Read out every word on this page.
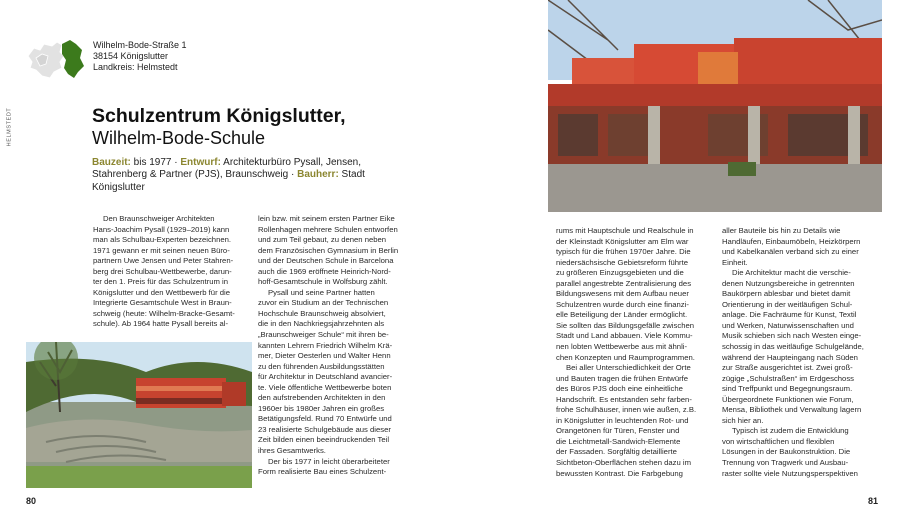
Wilhelm-Bode-Straße 1
38154 Königslutter
Landkreis: Helmstedt
HELMSTEDT	Schulzentrum Königslutter,
Wilhelm-Bode-Schule
Bauzeit: bis 1977 · Entwurf: Architekturbüro Pysall, Jensen, Stahrenberg & Partner (PJS), Braunschweig · Bauherr: Stadt Königslutter

Den Braunschweiger Architekten

Hans-Joachim Pysall (1929–2019) kann

man als Schulbau-Experten bezeichnen.

1971 gewann er mit seinen neuen Büro-

partnern Uwe Jensen und Peter Stahren-

berg drei Schulbau-Wettbewerbe, darun-

ter den 1. Preis für das Schulzentrum in

Königslutter und den Wettbewerb für die

Integrierte Gesamtschule West in Braun-

schweig (heute: Wilhelm-Bracke-Gesamt-

schule). Ab 1964 hatte Pysall bereits al-

lein bzw. mit seinem ersten Partner Eike

Rollenhagen mehrere Schulen entworfen

und zum Teil gebaut, zu denen neben

dem Französischen Gymnasium in Berlin

und der Deutschen Schule in Barcelona

auch die 1969 eröffnete Heinrich-Nord-

hoff-Gesamtschule in Wolfsburg zählt.

Pysall und seine Partner hatten

zuvor ein Studium an der Technischen

Hochschule Braunschweig absolviert,

die in den Nachkriegsjahrzehnten als

„Braunschweiger Schule“ mit ihren be-

kannten Lehrern Friedrich Wilhelm Krä-

mer, Dieter Oesterlen und Walter Henn

zu den führenden Ausbildungsstätten

für Architektur in Deutschland avancier-

te. Viele öffentliche Wettbewerbe boten

den aufstrebenden Architekten in den

1960er bis 1980er Jahren ein großes

Betätigungsfeld. Rund 70 Entwürfe und

23 realisierte Schulgebäude aus dieser

Zeit bilden einen beeindruckenden Teil

ihres Gesamtwerks.

Der bis 1977 in leicht überarbeiteter

Form realisierte Bau eines Schulzent-

rums mit Hauptschule und Realschule in

der Kleinstadt Königslutter am Elm war

typisch für die frühen 1970er Jahre. Die

niedersächsische Gebietsreform führte

zu größeren Einzugsgebieten und die

parallel angestrebte Zentralisierung des

Bildungswesens mit dem Aufbau neuer

Schulzentren wurde durch eine finanzi-

elle Beteiligung der Länder ermöglicht.

Sie sollten das Bildungsgefälle zwischen

Stadt und Land abbauen. Viele Kommu-

nen lobten Wettbewerbe aus mit ähnli-

chen Konzepten und Raumprogrammen.

Bei aller Unterschiedlichkeit der Orte

und Bauten tragen die frühen Entwürfe

des Büros PJS doch eine einheitliche

Handschrift. Es entstanden sehr farben-

frohe Schulhäuser, innen wie außen, z.B.

in Königslutter in leuchtenden Rot- und

Orangetönen für Türen, Fenster und

die Leichtmetall-Sandwich-Elemente

der Fassaden. Sorgfältig detaillierte

Sichtbeton-Oberflächen stehen dazu im

bewussten Kontrast. Die Farbgebung

aller Bauteile bis hin zu Details wie

Handläufen, Einbaumöbeln, Heizkörpern

und Kabelkanälen verband sich zu einer

Einheit.

Die Architektur macht die verschie-

denen Nutzungsbereiche in getrennten

Baukörpern ablesbar und bietet damit

Orientierung in der weitläufigen Schul-

anlage. Die Fachräume für Kunst, Textil

und Werken, Naturwissenschaften und

Musik schieben sich nach Westen einge-

schossig in das weitläufige Schulgelände,

während der Haupteingang nach Süden

zur Straße ausgerichtet ist. Zwei groß-

zügige „Schulstraßen“ im Erdgeschoss

sind Treffpunkt und Begegnungsraum.

Übergeordnete Funktionen wie Forum,

Mensa, Bibliothek und Verwaltung lagern

sich hier an.

Typisch ist zudem die Entwicklung

von wirtschaftlichen und flexiblen

Lösungen in der Baukonstruktion. Die

Trennung von Tragwerk und Ausbau-

raster sollte viele Nutzungsperspektiven

80	81
